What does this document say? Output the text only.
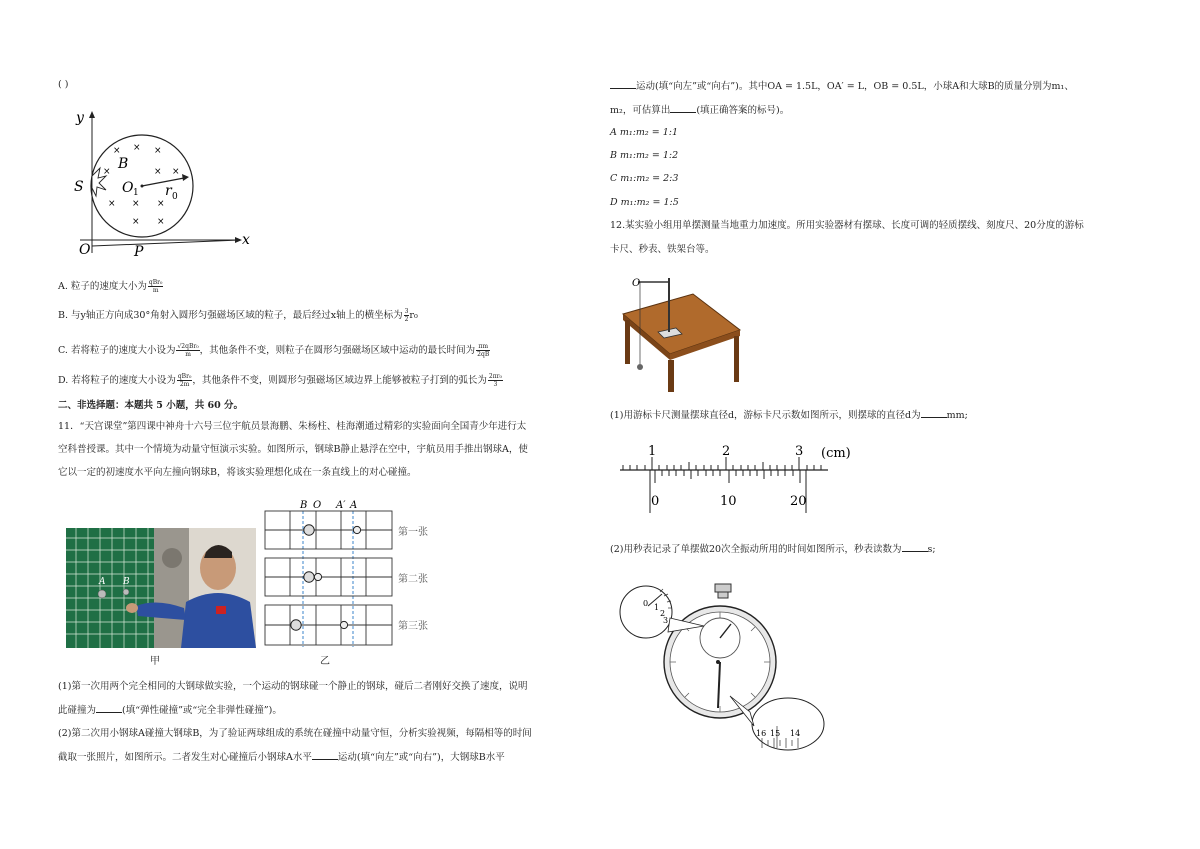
( )
× × ×
×	× ×
× × ×
× ×
y
x
O	P
S
B
O 1 r 0
A. 粒子的速度大小为 $\frac{\text{qBr₀}}{m}$
B. 与y轴正方向成30°角射入圆形匀强磁场区域的粒子，最后经过x轴上的横坐标为 $\frac{3}{2} r_0$
C. 若将粒子的速度大小设为 $\frac{\text{√2qBr₀}}{m}$ ，其他条件不变，则粒子在圆形匀强磁场区域中运动的最长时间为 $\frac{\pi m}{2qB}$
D. 若将粒子的速度大小设为 $\frac{\text{qBr₀}}{2m}$ ，其他条件不变，则圆形匀强磁场区域边界上能够被粒子打到的弧长为 $\frac{\text{2πr₀}}{3}$
二、非选择题：本题共 5 小题，共 60 分。
11．“天宫课堂”第四课中神舟十六号三位宇航员景海鹏、朱杨柱、桂海潮通过精彩的实验面向全国青少年进行太
空科普授课。其中一个情境为动量守恒演示实验。如图所示，钢球B静止悬浮在空中，宇航员用手推出钢球A，使
它以一定的初速度水平向左撞向钢球B，将该实验理想化成在一条直线上的对心碰撞。
A B
甲
B O A′ A
第一张
第二张
第三张
乙
(1)第一次用两个完全相同的大钢球做实验，一个运动的钢球碰一个静止的钢球，碰后二者刚好交换了速度，说明
此碰撞为	(填“弹性碰撞”或“完全非弹性碰撞”)。
(2)第二次用小钢球A碰撞大钢球B，为了验证两球组成的系统在碰撞中动量守恒，分析实验视频，每隔相等的时间
截取一张照片，如图所示。二者发生对心碰撞后小钢球A水平	运动(填“向左”或“向右”)，大钢球B水平
运动(填“向左”或“向右”)。其中OA = 1.5L，OA′ = L，OB = 0.5L，小球A和大球B的质量分别为m₁、
m₂，可估算出	(填正确答案的标号)。
A m₁:m₂ = 1:1
B m₁:m₂ = 1:2
C m₁:m₂ = 2:3
D m₁:m₂ = 1:5
12.某实验小组用单摆测量当地重力加速度。所用实验器材有摆球、长度可调的轻质摆线、刻度尺、20分度的游标
卡尺、秒表、铁架台等。
O
(1)用游标卡尺测量摆球直径d，游标卡尺示数如图所示，则摆球的直径d为	mm;
1	2	3 (cm)
0	10	20
(2)用秒表记录了单摆做20次全振动所用的时间如图所示，秒表读数为	s;
0 1
2
3
16 15 14
